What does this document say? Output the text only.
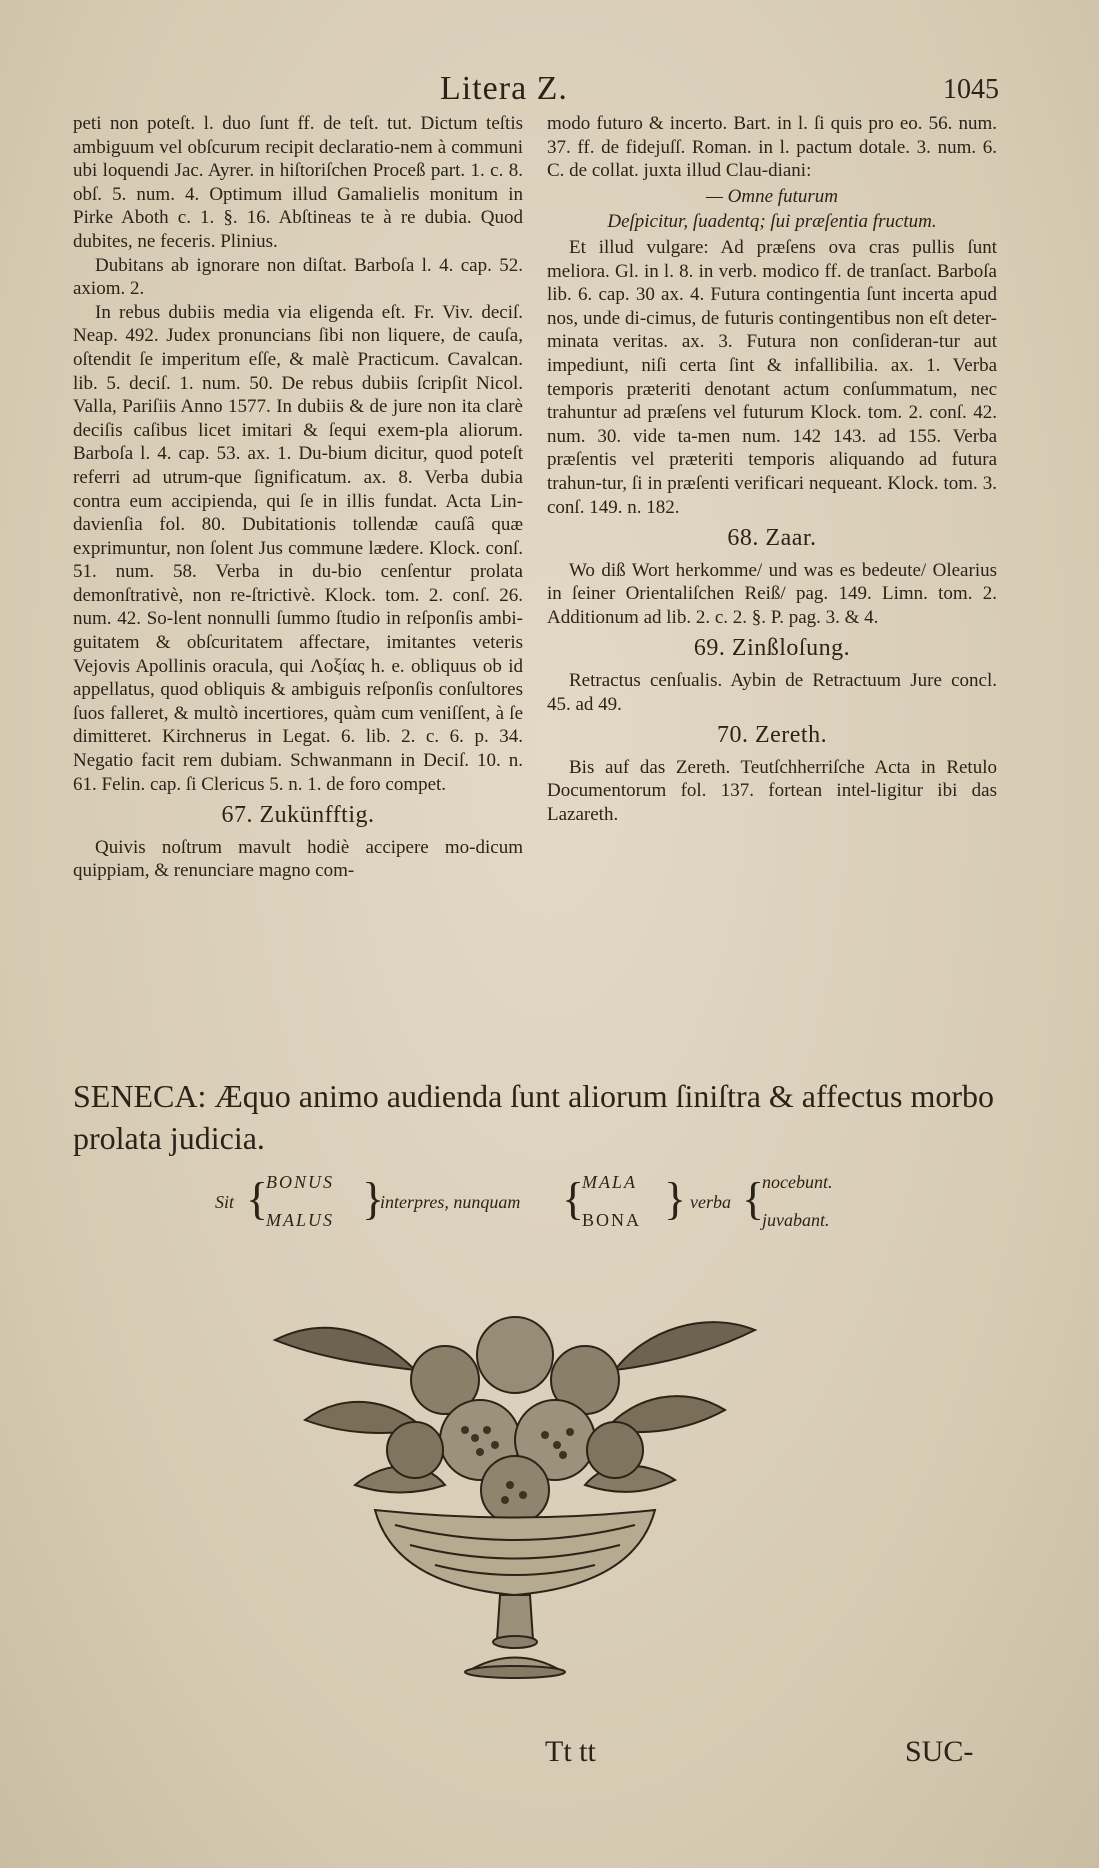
Litera Z.	1045

peti non poteſt. l. duo ſunt ff. de teſt. tut. Dictum teſtis ambiguum vel obſcurum recipit declaratio-nem à communi ubi loquendi Jac. Ayrer. in hiſtoriſchen Proceß part. 1. c. 8. obſ. 5. num. 4. Optimum illud Gamalielis monitum in Pirke Aboth c. 1. §. 16. Abſtineas te à re dubia. Quod dubites, ne feceris. Plinius.

Dubitans ab ignorare non diſtat. Barboſa l. 4. cap. 52. axiom. 2.

In rebus dubiis media via eligenda eſt. Fr. Viv. deciſ. Neap. 492. Judex pronuncians ſibi non liquere, de cauſa, oſtendit ſe imperitum eſſe, & malè Practicum. Cavalcan. lib. 5. deciſ. 1. num. 50. De rebus dubiis ſcripſit Nicol. Valla, Pariſiis Anno 1577. In dubiis & de jure non ita clarè deciſis caſibus licet imitari & ſequi exem-pla aliorum. Barboſa l. 4. cap. 53. ax. 1. Du-bium dicitur, quod poteſt referri ad utrum-que ſignificatum. ax. 8. Verba dubia contra eum accipienda, qui ſe in illis fundat. Acta Lin-davienſia fol. 80. Dubitationis tollendæ cauſâ quæ exprimuntur, non ſolent Jus commune lædere. Klock. conſ. 51. num. 58. Verba in du-bio cenſentur prolata demonſtrativè, non re-ſtrictivè. Klock. tom. 2. conſ. 26. num. 42. So-lent nonnulli ſummo ſtudio in reſponſis ambi-guitatem & obſcuritatem affectare, imitantes veteris Vejovis Apollinis oracula, qui Λοξίας h. e. obliquus ob id appellatus, quod obliquis & ambiguis reſponſis conſultores ſuos falleret, & multò incertiores, quàm cum veniſſent, à ſe dimitteret. Kirchnerus in Legat. 6. lib. 2. c. 6. p. 34. Negatio facit rem dubiam. Schwanmann in Deciſ. 10. n. 61. Felin. cap. ſi Clericus 5. n. 1. de foro compet.

67. Zukünfftig.

Quivis noſtrum mavult hodiè accipere mo-dicum quippiam, & renunciare magno com-

modo futuro & incerto. Bart. in l. ſi quis pro eo. 56. num. 37. ff. de fidejuſſ. Roman. in l. pactum dotale. 3. num. 6. C. de collat. juxta illud Clau-diani:

— Omne futurum
Deſpicitur, ſuadentq; ſui præſentia fructum.

Et illud vulgare: Ad præſens ova cras pullis ſunt meliora. Gl. in l. 8. in verb. modico ff. de tranſact. Barboſa lib. 6. cap. 30 ax. 4. Futura contingentia ſunt incerta apud nos, unde di-cimus, de futuris contingentibus non eſt deter-minata veritas. ax. 3. Futura non conſideran-tur aut impediunt, niſi certa ſint & infallibilia. ax. 1. Verba temporis præteriti denotant actum conſummatum, nec trahuntur ad præſens vel futurum Klock. tom. 2. conſ. 42. num. 30. vide ta-men num. 142 143. ad 155. Verba præſentis vel præteriti temporis aliquando ad futura trahun-tur, ſi in præſenti verificari nequeant. Klock. tom. 3. conſ. 149. n. 182.

68. Zaar.

Wo diß Wort herkomme/ und was es bedeute/ Olearius in ſeiner Orientaliſchen Reiß/ pag. 149. Limn. tom. 2. Additionum ad lib. 2. c. 2. §. P. pag. 3. & 4.

69. Zinßloſung.

Retractus cenſualis. Aybin de Retractuum Jure concl. 45. ad 49.

70. Zereth.

Bis auf das Zereth. Teutſchherriſche Acta in Retulo Documentorum fol. 137. fortean intel-ligitur ibi das Lazareth.

SENECA: Æquo animo audienda ſunt aliorum ſiniſtra & affectus morbo prolata judicia.
Sit {
BONUS
MALUS }
interpres, nunquam {
MALA
BONA } verba {
nocebunt.
juvabant.
Tt tt	SUC-
